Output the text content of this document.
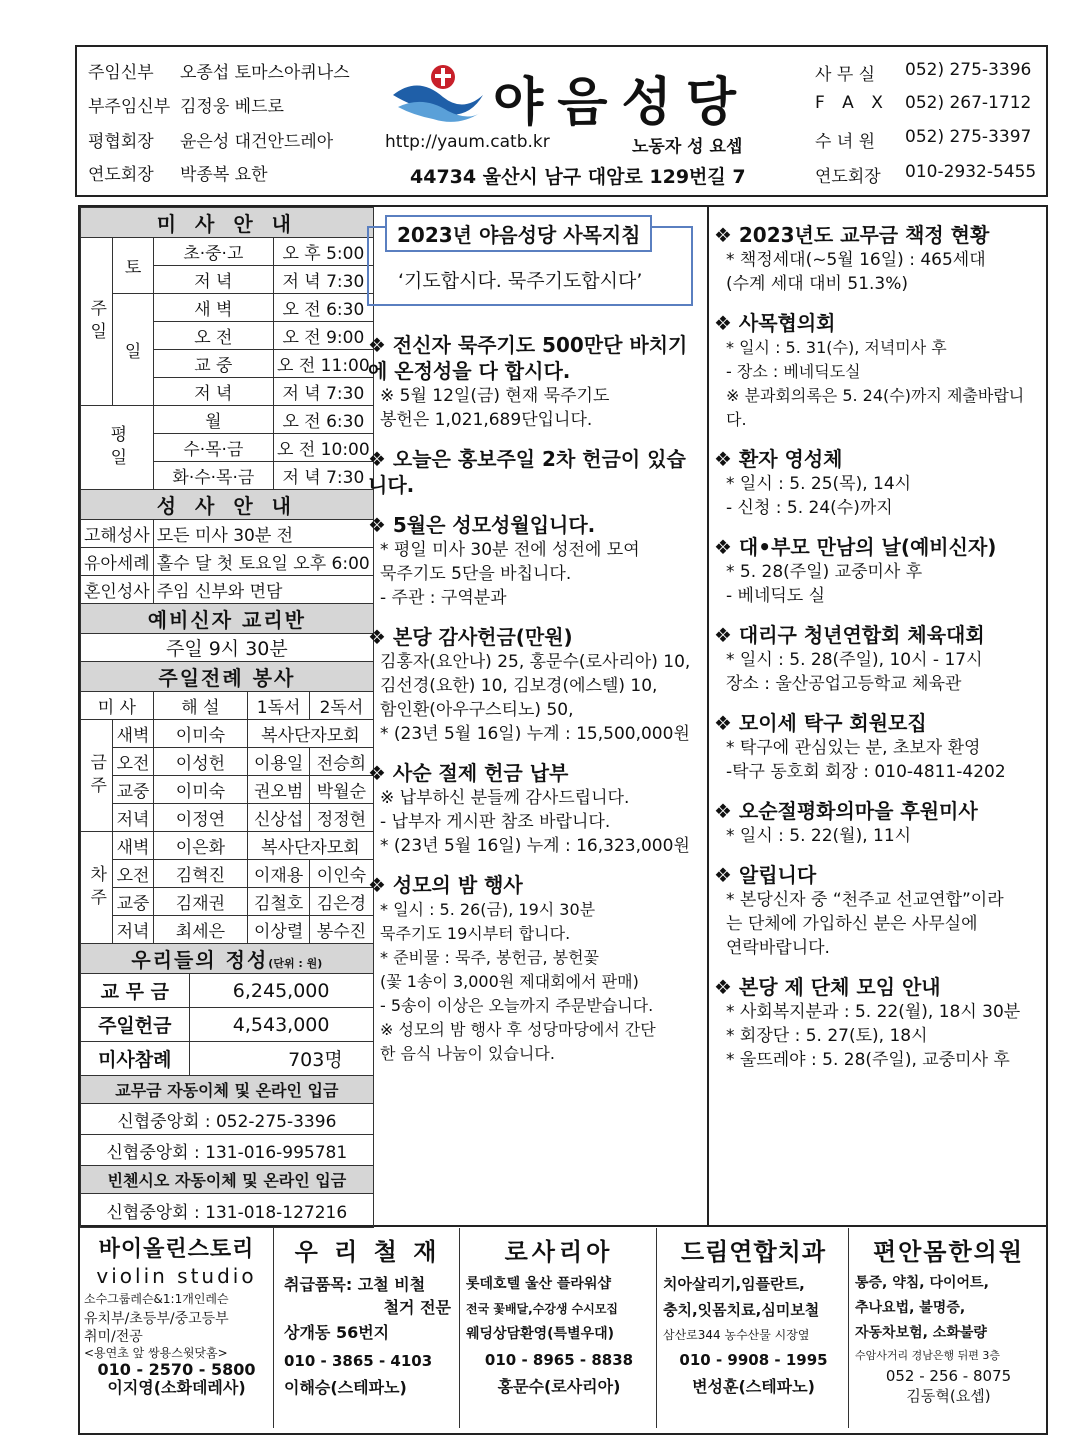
주임신부 오종섭 토마스아퀴나스
부주임신부 김정웅 베드로
평협회장 윤은성 대건안드레아
연도회장 박종복 요한
야음성당
http://yaum.catb.kr	노동자 성 요셉
44734 울산시 남구 대암로 129번길 7
사 무 실 052) 275-3396
F A X 052) 267-1712
수 녀 원 052) 275-3397
연도회장 010-2932-5455
미 사 안 내						
주일	토	초·중·고			오 후 5:00	
		저 녁			저 녁 7:30	
	일	새 벽			오 전 6:30	
		오 전			오 전 9:00	
		교 중			오 전 11:00	
		저 녁			저 녁 7:30	
평일		월			오 전 6:30	
		수·목·금			오 전 10:00	
		화·수·목·금			저 녁 7:30	
성 사 안 내						
고해성사		모든 미사 30분 전				
유아세례		홀수 달 첫 토요일 오후 6:00				
혼인성사		주임 신부와 면담				
예비신자 교리반						
주일 9시 30분						
주일전례 봉사						
미 사		해 설		1독서		2독서
금주	새벽	이미숙		복사단자모회		
	오전	이성헌		이용일		전승희
	교중	이미숙		권오범		박월순
	저녁	이정연		신상섭		정정현
차주	새벽	이은화		복사단자모회		
	오전	김혁진		이재용		이인숙
	교중	김재권		김철호		김은경
	저녁	최세은		이상렬		봉수진
우리들의 정성(단위 : 원)						
교 무 금			6,245,000			
주일헌금			4,543,000			
미사참례			703명			
교무금 자동이체 및 온라인 입금						
신협중앙회 : 052-275-3396						
신협중앙회 : 131-016-995781						
빈첸시오 자동이체 및 온라인 입금						
신협중앙회 : 131-018-127216						
2023년 야음성당 사목지침
‘기도합시다. 묵주기도합시다’
❖ 전신자 묵주기도 500만단 바치기에 온정성을 다 합시다.

※ 5월 12일(금) 현재 묵주기도
봉헌은 1,021,689단입니다.

❖ 오늘은 홍보주일 2차 헌금이 있습니다.
❖ 5월은 성모성월입니다.

* 평일 미사 30분 전에 성전에 모여
묵주기도 5단을 바칩니다.
- 주관 : 구역분과

❖ 본당 감사헌금(만원)

김홍자(요안나) 25, 홍문수(로사리아) 10,
김선경(요한) 10, 김보경(에스텔) 10,
함인환(아우구스티노) 50,
* (23년 5월 16일) 누계 : 15,500,000원

❖ 사순 절제 헌금 납부

※ 납부하신 분들께 감사드립니다.
- 납부자 게시판 참조 바랍니다.
* (23년 5월 16일) 누계 : 16,323,000원

❖ 성모의 밤 행사

* 일시 : 5. 26(금), 19시 30분
묵주기도 19시부터 합니다.
* 준비물 : 묵주, 봉헌금, 봉헌꽃
(꽃 1송이 3,000원 제대회에서 판매)
- 5송이 이상은 오늘까지 주문받습니다.
※ 성모의 밤 행사 후 성당마당에서 간단
한 음식 나눔이 있습니다.

❖ 2023년도 교무금 책정 현황

* 책정세대(~5월 16일) : 465세대
(수계 세대 대비 51.3%)

❖ 사목협의회

* 일시 : 5. 31(수), 저녁미사 후
- 장소 : 베네딕도실
※ 분과회의록은 5. 24(수)까지 제출바랍니다.

❖ 환자 영성체

* 일시 : 5. 25(목), 14시
- 신청 : 5. 24(수)까지

❖ 대•부모 만남의 날(예비신자)

* 5. 28(주일) 교중미사 후
- 베네딕도 실

❖ 대리구 청년연합회 체육대회

* 일시 : 5. 28(주일), 10시 - 17시
장소 : 울산공업고등학교 체육관

❖ 모이세 탁구 회원모집

* 탁구에 관심있는 분, 초보자 환영
-탁구 동호회 회장 : 010-4811-4202

❖ 오순절평화의마을 후원미사

* 일시 : 5. 22(월), 11시

❖ 알립니다

* 본당신자 중 “천주교 선교연합”이라
는 단체에 가입하신 분은 사무실에
연락바랍니다.

❖ 본당 제 단체 모임 안내

* 사회복지분과 : 5. 22(월), 18시 30분
* 회장단 : 5. 27(토), 18시
* 울뜨레야 : 5. 28(주일), 교중미사 후

바이올린스토리
violin studio
소수그룹레슨&1:1개인레슨
유치부/초등부/중고등부
취미/전공
<용연초 앞 쌍용스윗닷홈>
010 - 2570 - 5800
이지영(소화데레사)
우 리 철 재
취급품목: 고철 비철
철거 전문
상개동 56번지
010 - 3865 - 4103
이해승(스테파노)
로사리아
롯데호텔 울산 플라워샵
전국 꽃배달,수강생 수시모집
웨딩상담환영(특별우대)
010 - 8965 - 8838
홍문수(로사리아)
드림연합치과
치아살리기,임플란트,
충치,잇몸치료,심미보철
삼산로344 농수산물 시장옆
010 - 9908 - 1995
변성훈(스테파노)
편안몸한의원
통증, 약침, 다이어트,
추나요법, 불명증,
자동차보험, 소화불량
수암사거리 경남은행 뒤편 3층
052 - 256 - 8075
김동혁(요셉)
